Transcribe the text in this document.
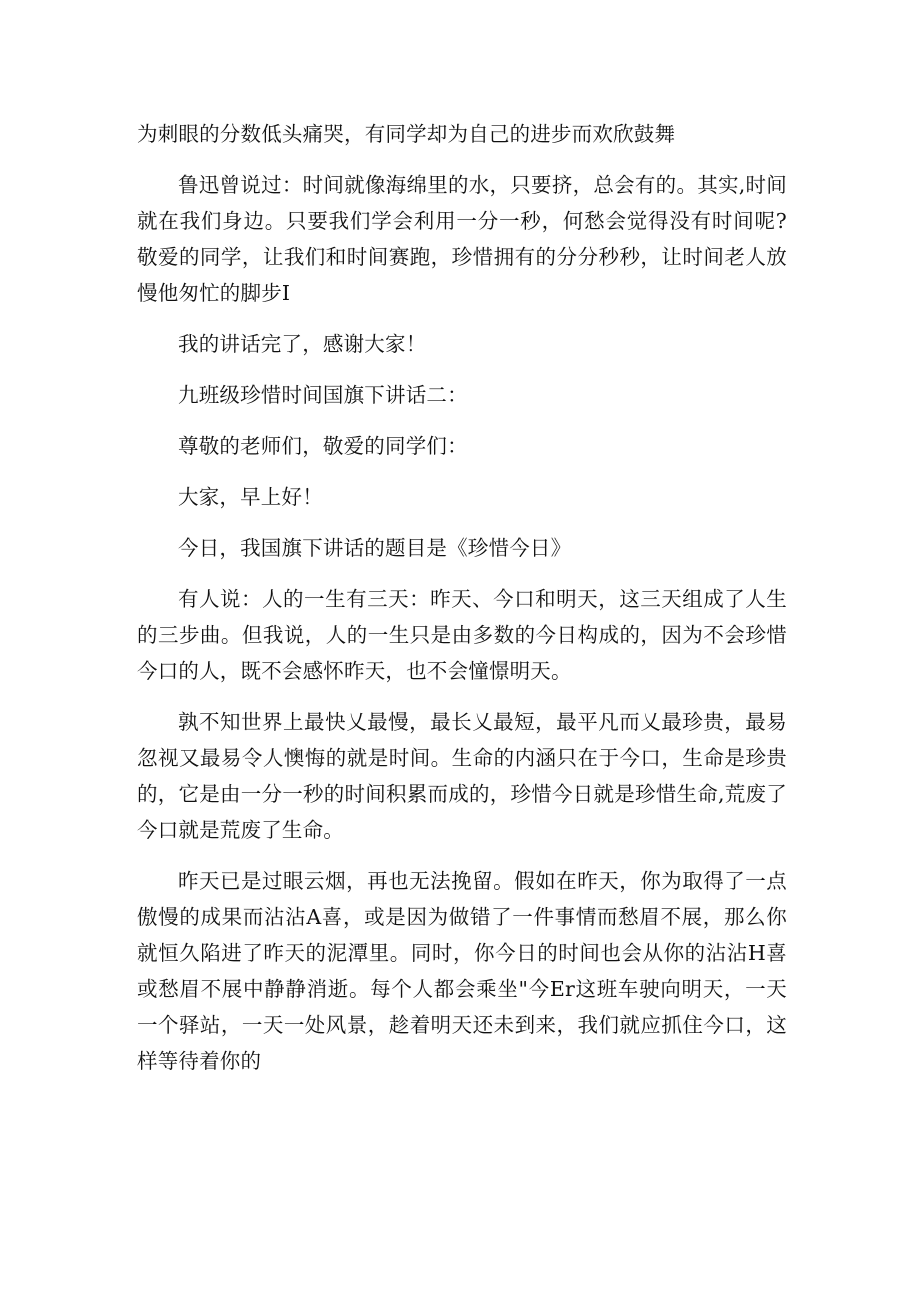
为刺眼的分数低头痛哭，有同学却为自己的进步而欢欣鼓舞

鲁迅曾说过：时间就像海绵里的水，只要挤，总会有的。其实,时间就在我们身边。只要我们学会利用一分一秒，何愁会觉得没有时间呢?敬爱的同学，让我们和时间赛跑，珍惜拥有的分分秒秒，让时间老人放慢他匆忙的脚步I

我的讲话完了，感谢大家！

九班级珍惜时间国旗下讲话二：

尊敬的老师们，敬爱的同学们：

大家，早上好！

今日，我国旗下讲话的题目是《珍惜今日》

有人说：人的一生有三天：昨天、今口和明天，这三天组成了人生的三步曲。但我说，人的一生只是由多数的今日构成的，因为不会珍惜今口的人，既不会感怀昨天，也不会憧憬明天。

孰不知世界上最快乂最慢，最长乂最短，最平凡而乂最珍贵，最易忽视又最易令人懊悔的就是时间。生命的内涵只在于今口，生命是珍贵的，它是由一分一秒的时间积累而成的，珍惜今日就是珍惜生命,荒废了今口就是荒废了生命。

昨天已是过眼云烟，再也无法挽留。假如在昨天，你为取得了一点傲慢的成果而沾沾A喜，或是因为做错了一件事情而愁眉不展，那么你就恒久陷进了昨天的泥潭里。同时，你今日的时间也会从你的沾沾H喜或愁眉不展中静静消逝。每个人都会乘坐"今Er这班车驶向明天，一天一个驿站，一天一处风景，趁着明天还未到来，我们就应抓住今口，这样等待着你的
